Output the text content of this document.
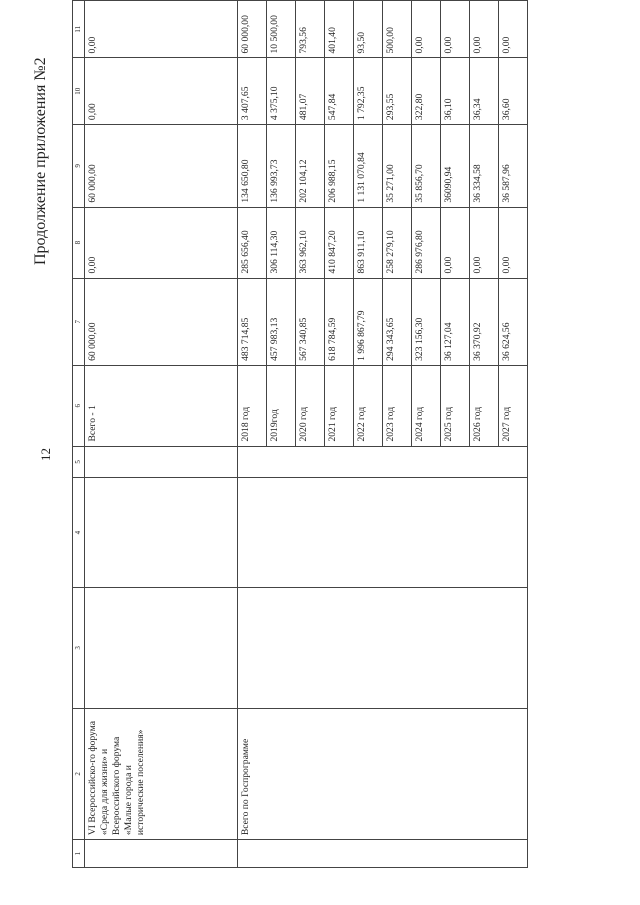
12
Продолжение приложения №2
1	2	3	4	5	6	7	8	9	10	11
	VI Всероссийско-го форума «Среда для жизни» и Всероссийского форума «Малые города и исторические поселения»				Всего - 1	60 000,00	0,00	60 000,00	0,00	0,00
	Всего по Госпрограмме				2018 год	483 714,85	285 656,40	134 650,80	3 407,65	60 000,00
					2019год	457 983,13	306 114,30	136 993,73	4 375,10	10 500,00
					2020 год	567 340,85	363 962,10	202 104,12	481,07	793,56
					2021 год	618 784,59	410 847,20	206 988,15	547,84	401,40
					2022 год	1 996 867,79	863 911,10	1 131 070,84	1 792,35	93,50
					2023 год	294 343,65	258 279,10	35 271,00	293,55	500,00
					2024 год	323 156,30	286 976,80	35 856,70	322,80	0,00
					2025 год	36 127,04	0,00	36090,94	36,10	0,00
					2026 год	36 370,92	0,00	36 334,58	36,34	0,00
					2027 год	36 624,56	0,00	36 587,96	36,60	0,00
